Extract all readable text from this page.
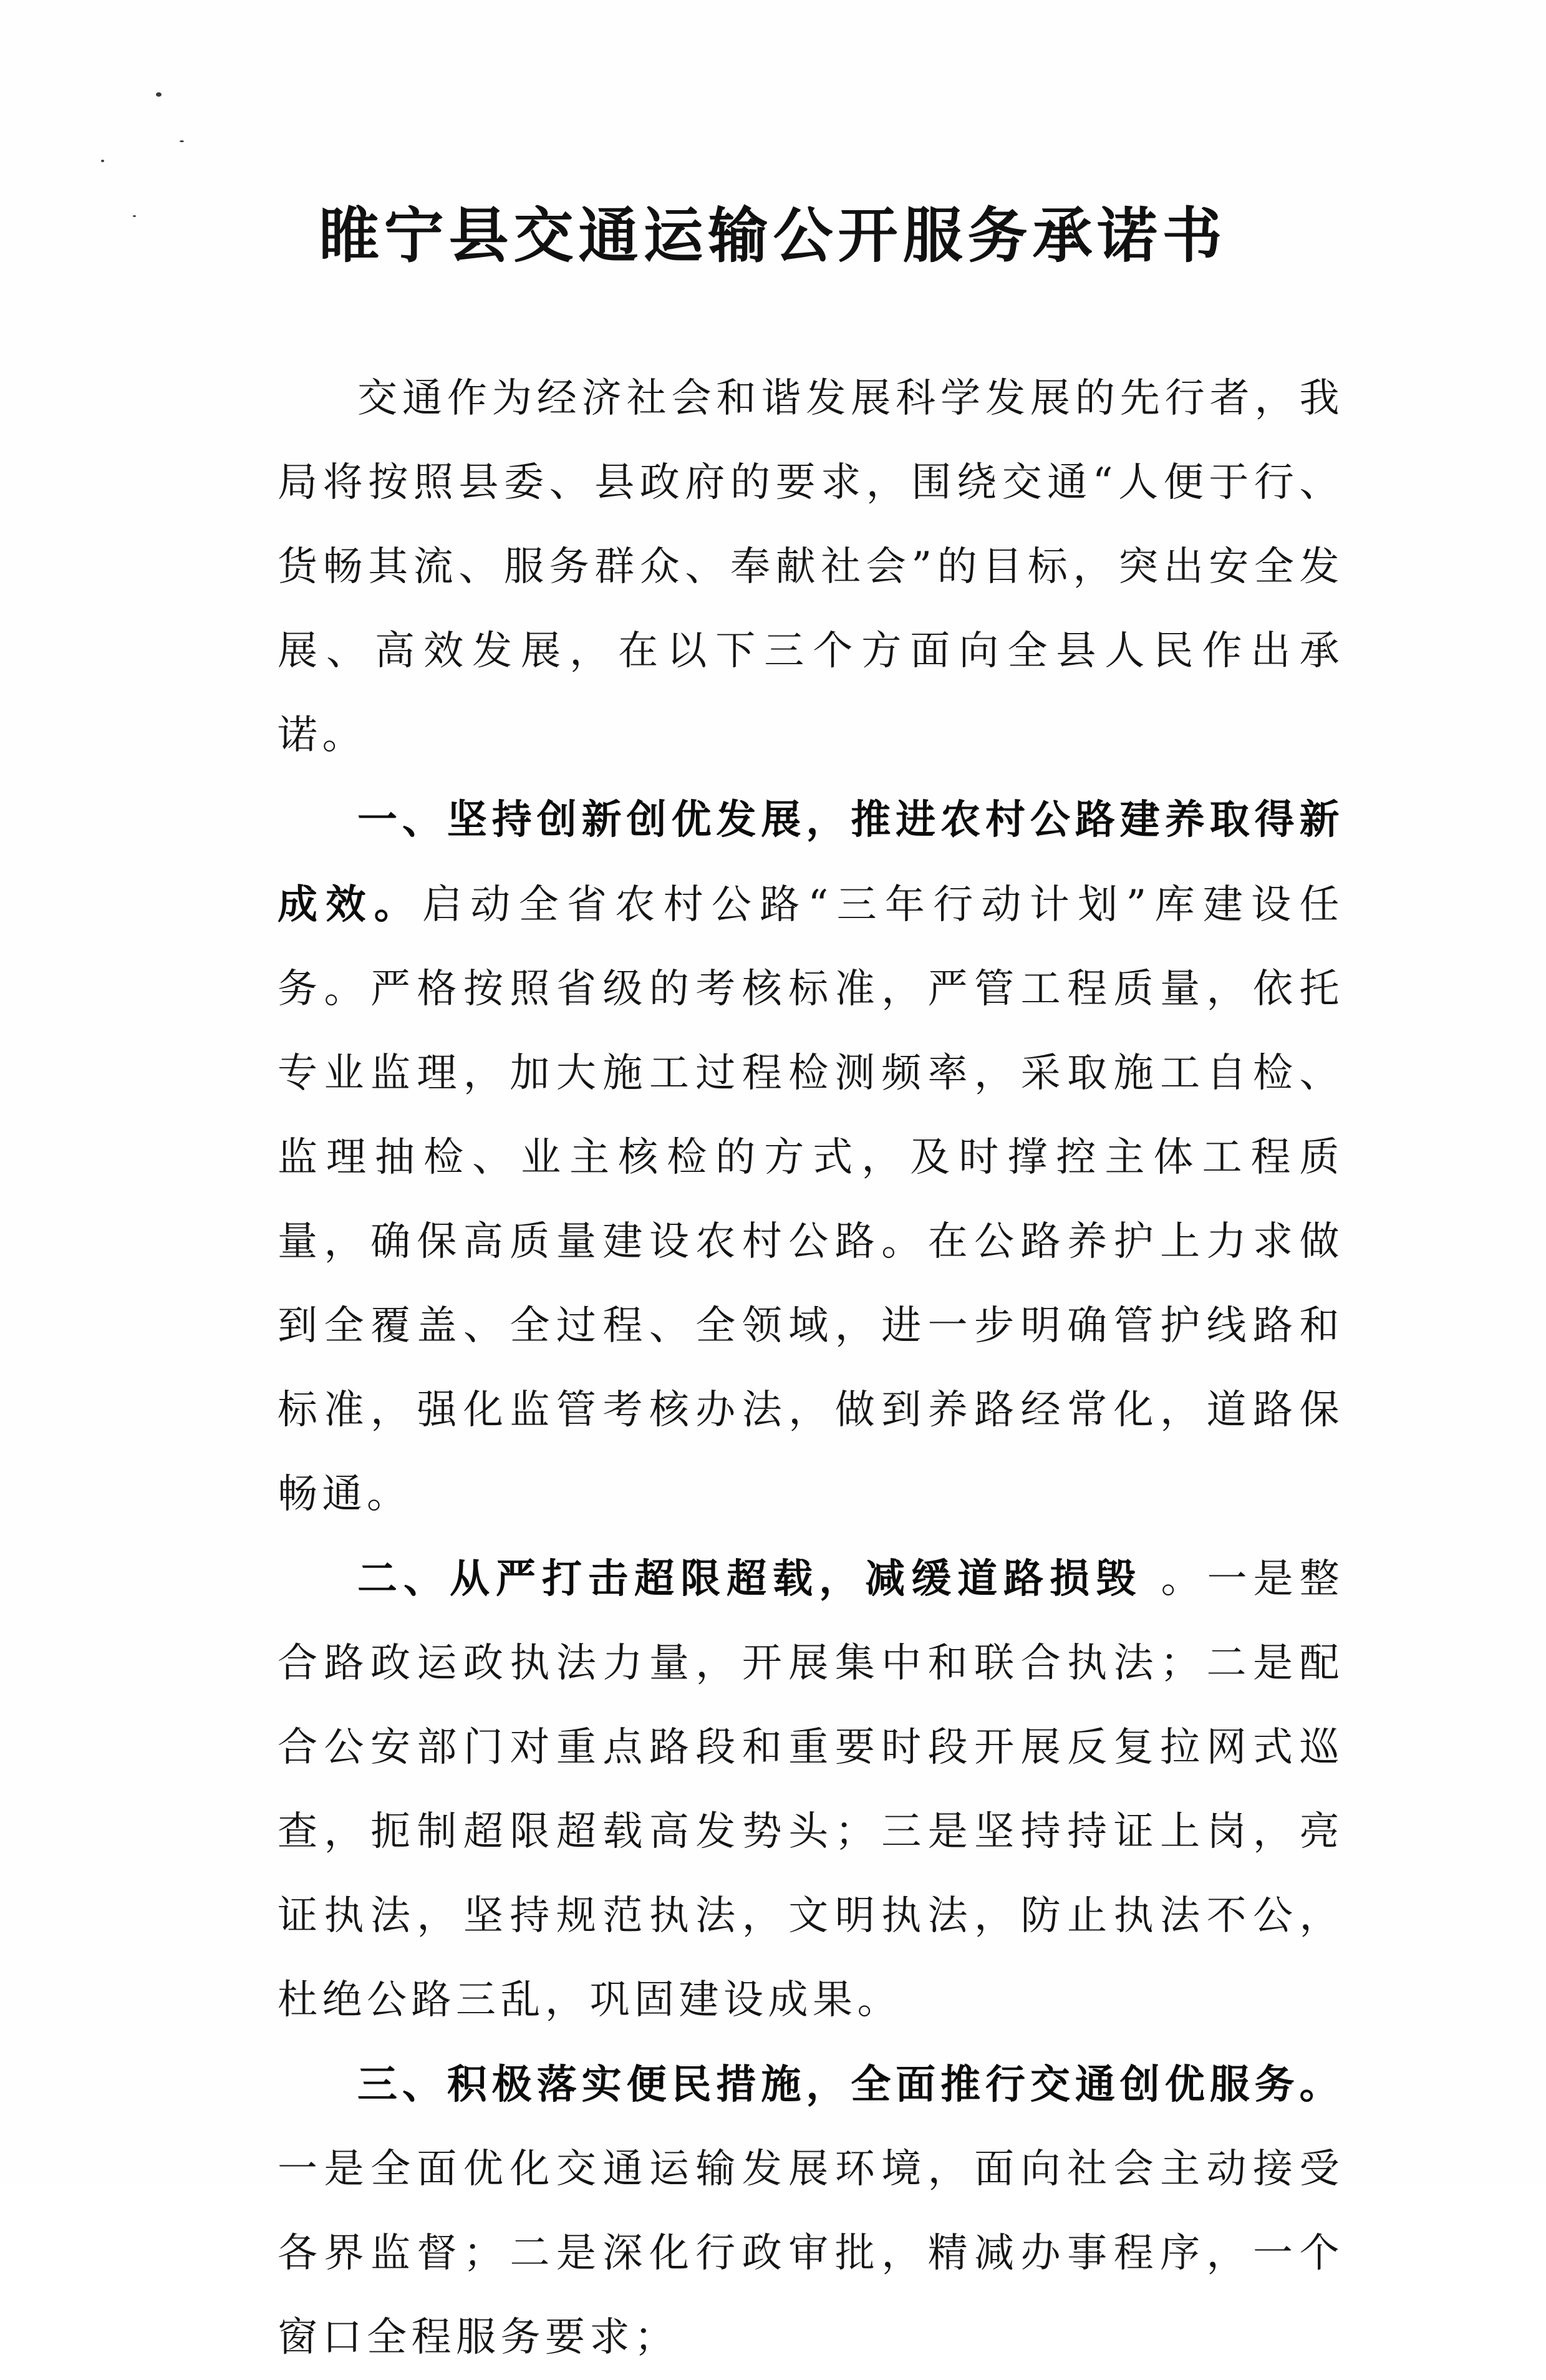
睢宁县交通运输公开服务承诺书

交通作为经济社会和谐发展科学发展的先行者，我局将按照县委、县政府的要求，围绕交通“人便于行、货畅其流、服务群众、奉献社会”的目标，突出安全发展、高效发展，在以下三个方面向全县人民作出承诺。

一、坚持创新创优发展，推进农村公路建养取得新成效。启动全省农村公路“三年行动计划”库建设任务。严格按照省级的考核标准，严管工程质量，依托专业监理，加大施工过程检测频率，采取施工自检、监理抽检、业主核检的方式，及时撑控主体工程质量，确保高质量建设农村公路。在公路养护上力求做到全覆盖、全过程、全领域，进一步明确管护线路和标准，强化监管考核办法，做到养路经常化，道路保畅通。

二、从严打击超限超载，减缓道路损毁 。一是整合路政运政执法力量，开展集中和联合执法；二是配合公安部门对重点路段和重要时段开展反复拉网式巡查，扼制超限超载高发势头；三是坚持持证上岗，亮证执法，坚持规范执法，文明执法，防止执法不公，杜绝公路三乱，巩固建设成果。

三、积极落实便民措施，全面推行交通创优服务。一是全面优化交通运输发展环境，面向社会主动接受各界监督；二是深化行政审批，精减办事程序，一个窗口全程服务要求；
